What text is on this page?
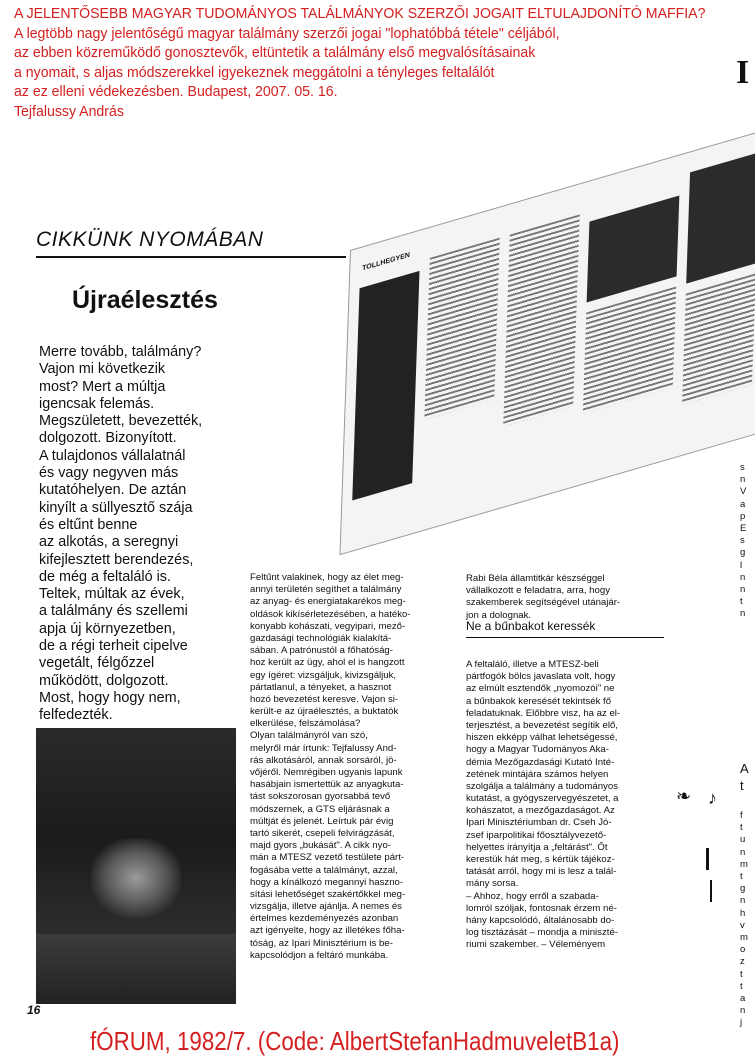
A JELENTŐSEBB MAGYAR TUDOMÁNYOS TALÁLMÁNYOK SZERZŐI JOGAIT ELTULAJDONÍTÓ MAFFIA?
A legtöbb nagy jelentőségű magyar találmány szerzői jogai "lophatóbbá tétele" céljából,
az ebben közreműködő gonosztevők, eltüntetik a találmány első megvalósításainak
a nyomait, s aljas módszerekkel igyekeznek meggátolni a tényleges feltalálót
az ez elleni védekezésben. Budapest, 2007. 05. 16.
Tejfalussy András
I
TOLLHEGYEN
CIKKÜNK NYOMÁBAN
Újraélesztés
Merre tovább, találmány?
Vajon mi következik
most? Mert a múltja
igencsak felemás.
Megszületett, bevezették,
dolgozott. Bizonyított.
A tulajdonos vállalatnál
és vagy negyven más
kutatóhelyen. De aztán
kinyílt a süllyesztő szája
és eltűnt benne
az alkotás, a seregnyi
kifejlesztett berendezés,
de még a feltaláló is.
Teltek, múltak az évek,
a találmány és szellemi
apja új környezetben,
de a régi terheit cipelve
vegetált, félgőzzel
működött, dolgozott.
Most, hogy hogy nem,
felfedezték.
Feltűnt valakinek, hogy az élet meg-
annyi területén segíthet a találmány
az anyag- és energiatakarékos meg-
oldások kikísérletezésében, a hatéko-
konyabb kohászati, vegyipari, mező-
gazdasági technológiák kialakítá-
sában. A patrónustól a főhatóság-
hoz került az ügy, ahol el is hangzott
egy ígéret: vizsgáljuk, kivizsgáljuk,
pártatlanul, a tényeket, a hasznot
hozó bevezetést keresve. Vajon si-
került-e az újraélesztés, a buktatók
elkerülése, felszámolása?
Olyan találmányról van szó,
melyről már írtunk: Tejfalussy And-
rás alkotásáról, annak sorsáról, jö-
vőjéről. Nemrégiben ugyanis lapunk
hasábjain ismertettük az anyagkuta-
tást sokszorosan gyorsabbá tevő
módszernek, a GTS eljárásnak a
múltját és jelenét. Leírtuk pár évig
tartó sikerét, csepeli felvirágzását,
majd gyors „bukását". A cikk nyo-
mán a MTESZ vezető testülete párt-
fogásába vette a találmányt, azzal,
hogy a kínálkozó megannyi haszno-
sítási lehetőséget szakértőkkel meg-
vizsgálja, illetve ajánlja. A nemes és
értelmes kezdeményezés azonban
azt igényelte, hogy az illetékes főha-
tóság, az Ipari Minisztérium is be-
kapcsolódjon a feltáró munkába.
Rabi Béla államtitkár készséggel
vállalkozott e feladatra, arra, hogy
szakemberek segítségével utánajár-
jon a dolognak.
Ne a bűnbakot keressék
A feltaláló, illetve a MTESZ-beli
pártfogók bölcs javaslata volt, hogy
az elmúlt esztendők „nyomozói" ne
a bűnbakok keresését tekintsék fő
feladatuknak. Előbbre visz, ha az el-
terjesztést, a bevezetést segítik elő,
hiszen ekképp válhat lehetségessé,
hogy a Magyar Tudományos Aka-
démia Mezőgazdasági Kutató Inté-
zetének mintájára számos helyen
szolgálja a találmány a tudományos
kutatást, a gyógyszervegyészetet, a
kohászatot, a mezőgazdaságot. Az
Ipari Minisztériumban dr. Cseh Jó-
zsef iparpolitikai főosztályvezető-
helyettes irányítja a „feltárást". Őt
kerestük hát meg, s kértük tájékoz-
tatását arról, hogy mi is lesz a talál-
mány sorsa.
– Ahhoz, hogy erről a szabada-
lomról szóljak, fontosnak érzem né-
hány kapcsolódó, általánosabb do-
log tisztázását – mondja a miniszté-
riumi szakember. – Véleményem
❧ ♪
s
n
V
a
p
E
s
g
l
n
n
t
n
A
t
f
t
u
n
m
t
g
n
h
v
m
o
z
t
t
a
n
j
16
fÓRUM, 1982/7. (Code: AlbertStefanHadmuveletB1a)
